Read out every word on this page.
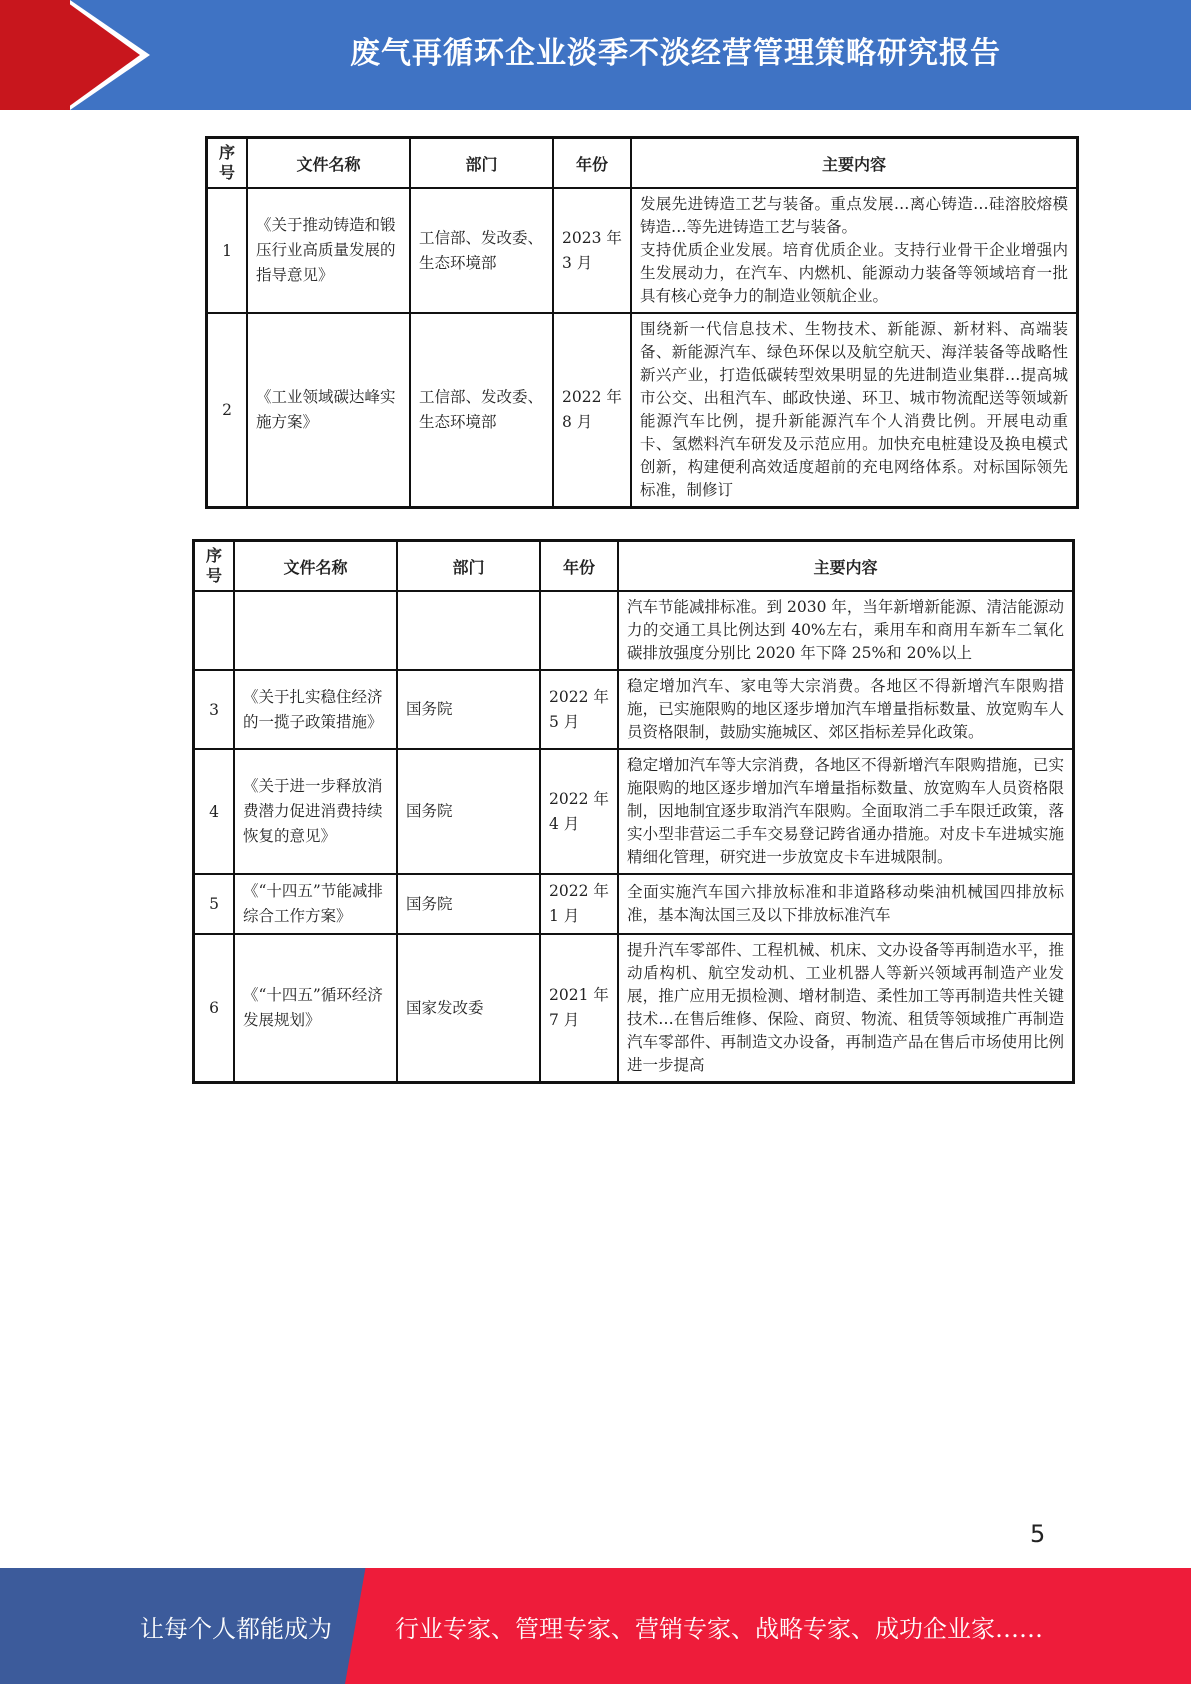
废气再循环企业淡季不淡经营管理策略研究报告
序号	文件名称	部门	年份	主要内容
1	《关于推动铸造和锻压行业高质量发展的指导意见》	工信部、发改委、生态环境部	2023 年 3 月	发展先进铸造工艺与装备。重点发展…离心铸造…硅溶胶熔模铸造…等先进铸造工艺与装备。
支持优质企业发展。培育优质企业。支持行业骨干企业增强内生发展动力，在汽车、内燃机、能源动力装备等领域培育一批具有核心竞争力的制造业领航企业。

2	《工业领域碳达峰实施方案》	工信部、发改委、生态环境部	2022 年 8 月	围绕新一代信息技术、生物技术、新能源、新材料、高端装备、新能源汽车、绿色环保以及航空航天、海洋装备等战略性新兴产业，打造低碳转型效果明显的先进制造业集群…提高城市公交、出租汽车、邮政快递、环卫、城市物流配送等领域新能源汽车比例，提升新能源汽车个人消费比例。开展电动重卡、氢燃料汽车研发及示范应用。加快充电桩建设及换电模式创新，构建便利高效适度超前的充电网络体系。对标国际领先标准，制修订
序号	文件名称	部门	年份	主要内容

				汽车节能减排标准。到 2030 年，当年新增新能源、清洁能源动力的交通工具比例达到 40%左右，乘用车和商用车新车二氧化碳排放强度分别比 2020 年下降 25%和 20%以上

3	《关于扎实稳住经济的一揽子政策措施》	国务院	2022 年 5 月	稳定增加汽车、家电等大宗消费。各地区不得新增汽车限购措施，已实施限购的地区逐步增加汽车增量指标数量、放宽购车人员资格限制，鼓励实施城区、郊区指标差异化政策。

4	《关于进一步释放消费潜力促进消费持续恢复的意见》	国务院	2022 年 4 月	稳定增加汽车等大宗消费，各地区不得新增汽车限购措施，已实施限购的地区逐步增加汽车增量指标数量、放宽购车人员资格限制，因地制宜逐步取消汽车限购。全面取消二手车限迁政策，落实小型非营运二手车交易登记跨省通办措施。对皮卡车进城实施精细化管理，研究进一步放宽皮卡车进城限制。

5	《“十四五”节能减排综合工作方案》	国务院	2022 年 1 月	全面实施汽车国六排放标准和非道路移动柴油机械国四排放标准，基本淘汰国三及以下排放标准汽车

6	《“十四五”循环经济发展规划》	国家发改委	2021 年 7 月	提升汽车零部件、工程机械、机床、文办设备等再制造水平，推动盾构机、航空发动机、工业机器人等新兴领域再制造产业发展，推广应用无损检测、增材制造、柔性加工等再制造共性关键技术…在售后维修、保险、商贸、物流、租赁等领域推广再制造汽车零部件、再制造文办设备，再制造产品在售后市场使用比例进一步提高
5
让每个人都能成为	行业专家、管理专家、营销专家、战略专家、成功企业家……
